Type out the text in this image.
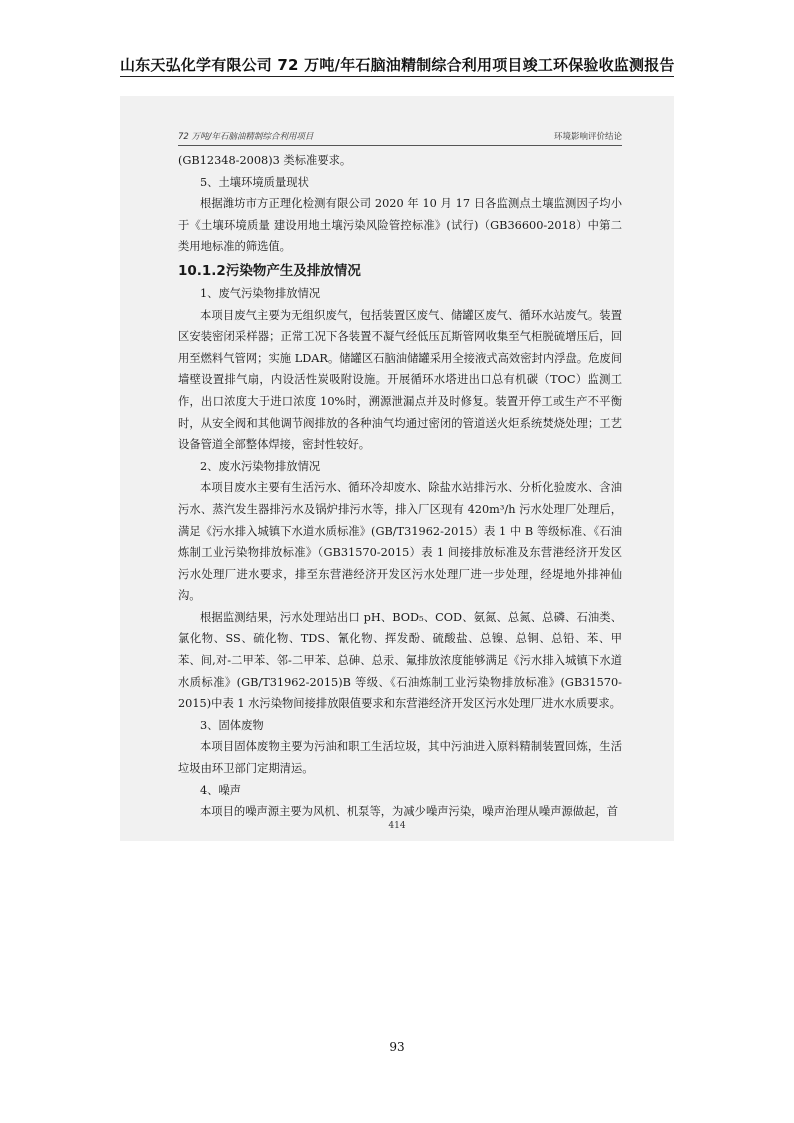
山东天弘化学有限公司 72 万吨/年石脑油精制综合利用项目竣工环保验收监测报告
72 万吨/年石脑油精制综合利用项目	环境影响评价结论

(GB12348-2008)3 类标准要求。

5、土壤环境质量现状

根据潍坊市方正理化检测有限公司 2020 年 10 月 17 日各监测点土壤监测因子均小于《土壤环境质量 建设用地土壤污染风险管控标准》(试行)（GB36600-2018）中第二类用地标准的筛选值。

10.1.2污染物产生及排放情况

1、废气污染物排放情况

本项目废气主要为无组织废气，包括装置区废气、储罐区废气、循环水站废气。装置区安装密闭采样器；正常工况下各装置不凝气经低压瓦斯管网收集至气柜脱硫增压后，回用至燃料气管网；实施 LDAR。储罐区石脑油储罐采用全接液式高效密封内浮盘。危废间墙壁设置排气扇，内设活性炭吸附设施。开展循环水塔进出口总有机碳（TOC）监测工作，出口浓度大于进口浓度 10%时，溯源泄漏点并及时修复。装置开停工或生产不平衡时，从安全阀和其他调节阀排放的各种油气均通过密闭的管道送火炬系统焚烧处理；工艺设备管道全部整体焊接，密封性较好。

2、废水污染物排放情况

本项目废水主要有生活污水、循环冷却废水、除盐水站排污水、分析化验废水、含油污水、蒸汽发生器排污水及锅炉排污水等，排入厂区现有 420m³/h 污水处理厂处理后，满足《污水排入城镇下水道水质标准》(GB/T31962-2015）表 1 中 B 等级标准、《石油炼制工业污染物排放标准》（GB31570-2015）表 1 间接排放标准及东营港经济开发区污水处理厂进水要求，排至东营港经济开发区污水处理厂进一步处理，经堤地外排神仙沟。

根据监测结果，污水处理站出口 pH、BOD₅、COD、氨氮、总氮、总磷、石油类、氯化物、SS、硫化物、TDS、氰化物、挥发酚、硫酸盐、总镍、总铜、总铅、苯、甲苯、间,对-二甲苯、邻-二甲苯、总砷、总汞、氟排放浓度能够满足《污水排入城镇下水道水质标准》(GB/T31962-2015)B 等级、《石油炼制工业污染物排放标准》(GB31570-2015)中表 1 水污染物间接排放限值要求和东营港经济开发区污水处理厂进水水质要求。

3、固体废物

本项目固体废物主要为污油和职工生活垃圾，其中污油进入原料精制装置回炼，生活垃圾由环卫部门定期清运。

4、噪声

本项目的噪声源主要为风机、机泵等，为减少噪声污染，噪声治理从噪声源做起，首

414
93
